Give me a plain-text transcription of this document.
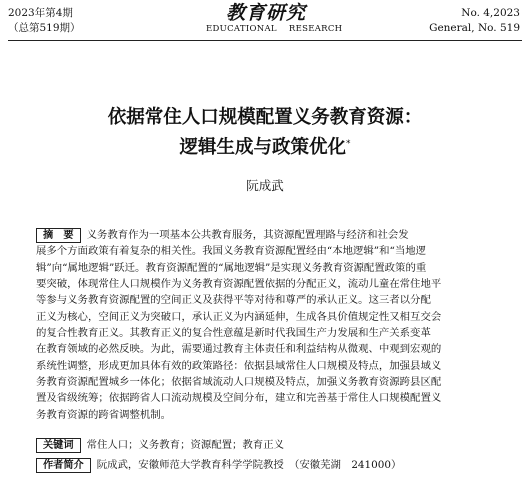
2023年第4期
（总第519期）
教育研究
EDUCATIONAL    RESEARCH
No. 4,2023
General, No. 519
依据常住人口规模配置义务教育资源：
逻辑生成与政策优化*
阮成武
摘　要 义务教育作为一项基本公共教育服务，其资源配置理路与经济和社会发
展多个方面政策有着复杂的相关性。我国义务教育资源配置经由“本地逻辑”和“当地逻
辑”向“属地逻辑”跃迁。教育资源配置的“属地逻辑”是实现义务教育资源配置政策的重
要突破，体现常住人口规模作为义务教育资源配置依据的分配正义，流动儿童在常住地平
等参与义务教育资源配置的空间正义及获得平等对待和尊严的承认正义。这三者以分配
正义为核心，空间正义为突破口，承认正义为内涵延伸，生成各具价值规定性又相互交会
的复合性教育正义。其教育正义的复合性意蕴是新时代我国生产力发展和生产关系变革
在教育领域的必然反映。为此，需要通过教育主体责任和利益结构从微观、中观到宏观的
系统性调整，形成更加具体有效的政策路径：依据县域常住人口规模及特点，加强县域义
务教育资源配置城乡一体化；依据省域流动人口规模及特点，加强义务教育资源跨县区配
置及省级统筹；依据跨省人口流动规模及空间分布，建立和完善基于常住人口规模配置义
务教育资源的跨省调整机制。
关键词 常住人口；义务教育；资源配置；教育正义
作者简介 阮成武，安徽师范大学教育科学学院教授　（安徽芜湖　241000）
